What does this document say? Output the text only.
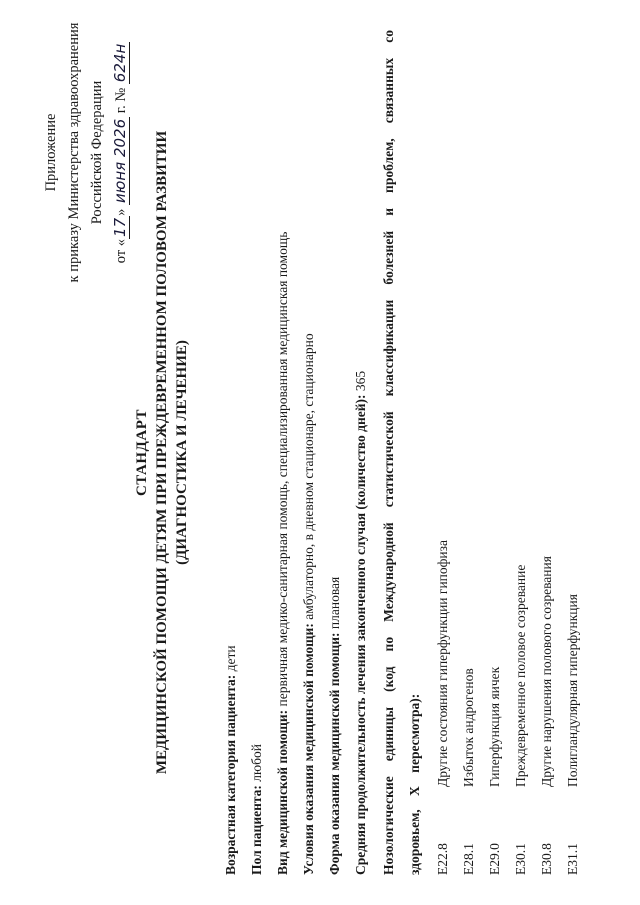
Приложение к приказу Министерства здравоохранения Российской Федерации
от «17» июня 2026 г. № 624н
СТАНДАРТ МЕДИЦИНСКОЙ ПОМОЩИ ДЕТЯМ ПРИ ПРЕЖДЕВРЕМЕННОМ ПОЛОВОМ РАЗВИТИИ (ДИАГНОСТИКА И ЛЕЧЕНИЕ)
Возрастная категория пациента: дети
Пол пациента: любой Вид медицинской помощи: первичная медико-санитарная помощь, специализированная медицинская помощь
Условия оказания медицинской помощи: амбулаторно, в дневном стационаре, стационарно
Форма оказания медицинской помощи: плановая Средняя продолжительность лечения законченного случая (количество дней): 365 Нозологические единицы (код по Международной статистической классификации болезней и проблем, связанных со здоровьем, X пересмотра): E22.8
Другие состояния гиперфункции гипофиза
E28.1
Избыток андрогенов
E29.0
Гиперфункция яичек
E30.1
Преждевременное половое созревание
E30.8
Другие нарушения полового созревания
E31.1
Полигландулярная гиперфункция
